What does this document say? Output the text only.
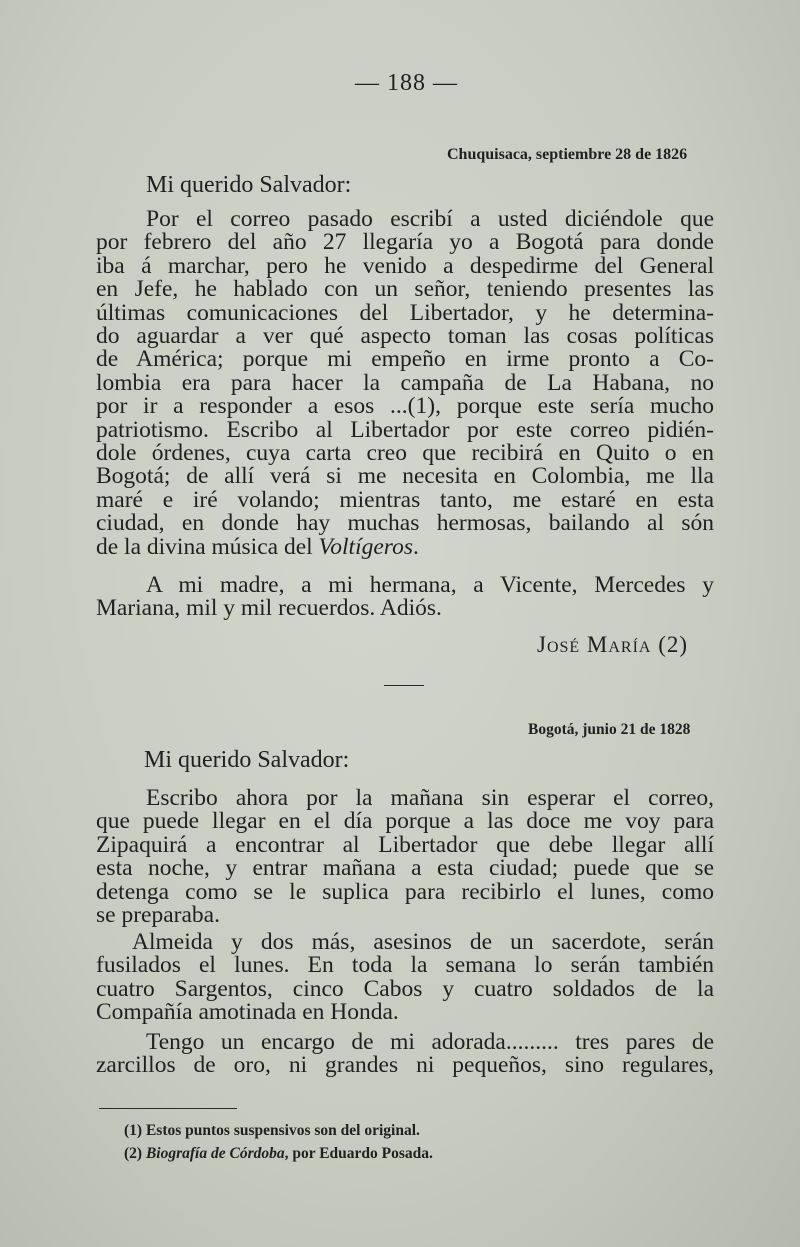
— 188 —
Chuquisaca, septiembre 28 de 1826
Mi querido Salvador:
Por el correo pasado escribí a usted diciéndole que
por febrero del año 27 llegaría yo a Bogotá para donde
iba á marchar, pero he venido a despedirme del General
en Jefe, he hablado con un señor, teniendo presentes las
últimas comunicaciones del Libertador, y he determina-
do aguardar a ver qué aspecto toman las cosas políticas
de América; porque mi empeño en irme pronto a Co-
lombia era para hacer la campaña de La Habana, no
por ir a responder a esos ...(1), porque este sería mucho
patriotismo. Escribo al Libertador por este correo pidién-
dole órdenes, cuya carta creo que recibirá en Quito o en
Bogotá; de allí verá si me necesita en Colombia, me lla
maré e iré volando; mientras tanto, me estaré en esta
ciudad, en donde hay muchas hermosas, bailando al són
de la divina música del Voltígeros.
A mi madre, a mi hermana, a Vicente, Mercedes y
Mariana, mil y mil recuerdos. Adiós.
José María (2)
Bogotá, junio 21 de 1828
Mi querido Salvador:
Escribo ahora por la mañana sin esperar el correo,
que puede llegar en el día porque a las doce me voy para
Zipaquirá a encontrar al Libertador que debe llegar allí
esta noche, y entrar mañana a esta ciudad; puede que se
detenga como se le suplica para recibirlo el lunes, como
se preparaba.
Almeida y dos más, asesinos de un sacerdote, serán
fusilados el lunes. En toda la semana lo serán también
cuatro Sargentos, cinco Cabos y cuatro soldados de la
Compañía amotinada en Honda.
Tengo un encargo de mi adorada......... tres pares de
zarcillos de oro, ni grandes ni pequeños, sino regulares,
(1) Estos puntos suspensivos son del original.
(2) Biografía de Córdoba, por Eduardo Posada.
